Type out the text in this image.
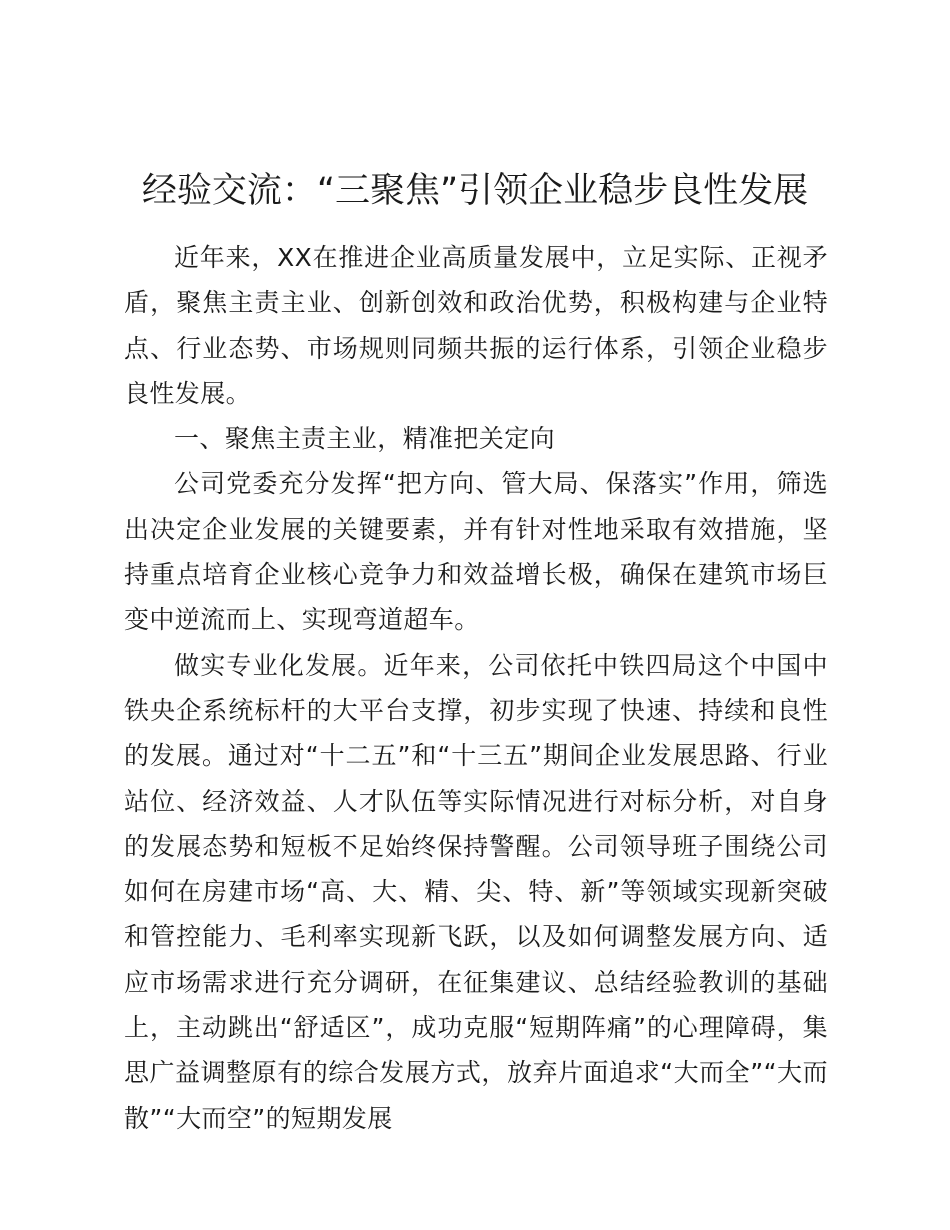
经验交流：“三聚焦”引领企业稳步良性发展

近年来，XX在推进企业高质量发展中，立足实际、正视矛盾，聚焦主责主业、创新创效和政治优势，积极构建与企业特点、行业态势、市场规则同频共振的运行体系，引领企业稳步良性发展。

一、聚焦主责主业，精准把关定向

公司党委充分发挥“把方向、管大局、保落实”作用，筛选出决定企业发展的关键要素，并有针对性地采取有效措施，坚持重点培育企业核心竞争力和效益增长极，确保在建筑市场巨变中逆流而上、实现弯道超车。

做实专业化发展。近年来，公司依托中铁四局这个中国中铁央企系统标杆的大平台支撑，初步实现了快速、持续和良性的发展。通过对“十二五”和“十三五”期间企业发展思路、行业站位、经济效益、人才队伍等实际情况进行对标分析，对自身的发展态势和短板不足始终保持警醒。公司领导班子围绕公司如何在房建市场“高、大、精、尖、特、新”等领域实现新突破和管控能力、毛利率实现新飞跃，以及如何调整发展方向、适应市场需求进行充分调研，在征集建议、总结经验教训的基础上，主动跳出“舒适区”，成功克服“短期阵痛”的心理障碍，集思广益调整原有的综合发展方式，放弃片面追求“大而全”“大而散”“大而空”的短期发展
